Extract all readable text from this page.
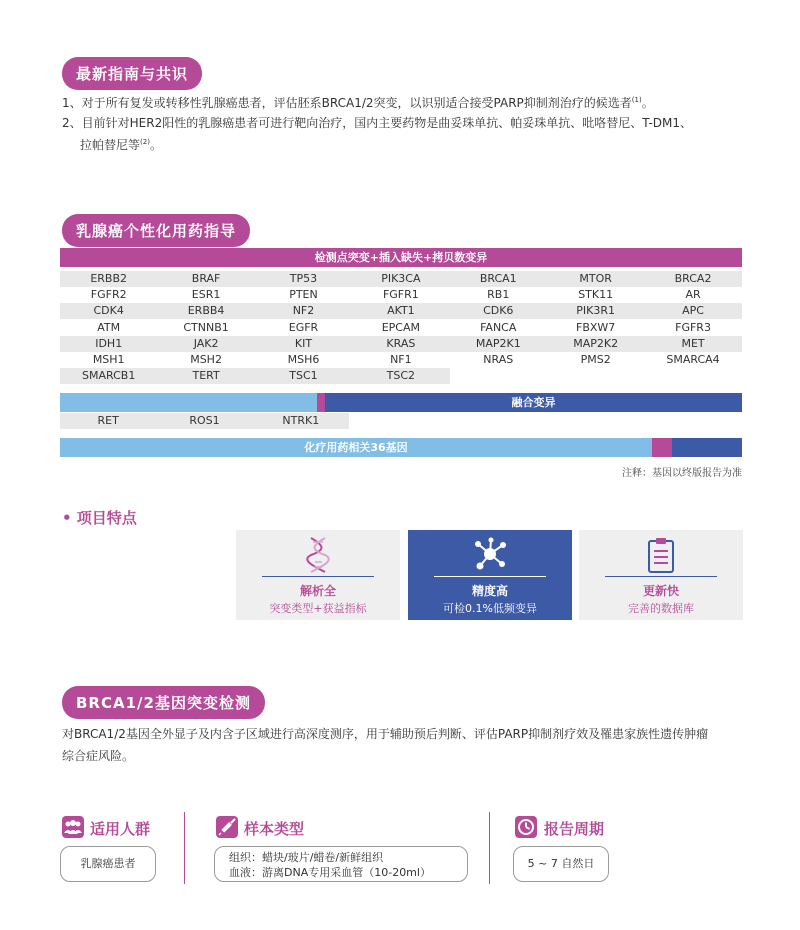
最新指南与共识
1、对于所有复发或转移性乳腺癌患者，评估胚系BRCA1/2突变，以识别适合接受PARP抑制剂治疗的候选者$^{(1)}$。
2、目前针对HER2阳性的乳腺癌患者可进行靶向治疗，国内主要药物是曲妥珠单抗、帕妥珠单抗、吡咯替尼、T-DM1、
拉帕替尼等$^{(2)}$。
乳腺癌个性化用药指导
检测点突变+插入缺失+拷贝数变异
ERBB2	BRAF	TP53	PIK3CA	BRCA1	MTOR	BRCA2
FGFR2	ESR1	PTEN	FGFR1	RB1	STK11	AR
CDK4	ERBB4	NF2	AKT1	CDK6	PIK3R1	APC
ATM	CTNNB1	EGFR	EPCAM	FANCA	FBXW7	FGFR3
IDH1	JAK2	KIT	KRAS	MAP2K1	MAP2K2	MET
MSH1	MSH2	MSH6	NF1	NRAS	PMS2	SMARCA4
SMARCB1	TERT	TSC1	TSC2
融合变异
RET	ROS1	NTRK1
化疗用药相关36基因
注释：基因以终版报告为准
• 项目特点
解析全
突变类型+获益指标
精度高
可检0.1%低频变异
更新快
完善的数据库
BRCA1/2基因突变检测
对BRCA1/2基因全外显子及内含子区域进行高深度测序，用于辅助预后判断、评估PARP抑制剂疗效及罹患家族性遗传肿瘤
综合症风险。
适用人群
乳腺癌患者
样本类型
组织：蜡块/玻片/蜡卷/新鲜组织
血液：游离DNA专用采血管（10-20ml）
报告周期
5 ~ 7 自然日
